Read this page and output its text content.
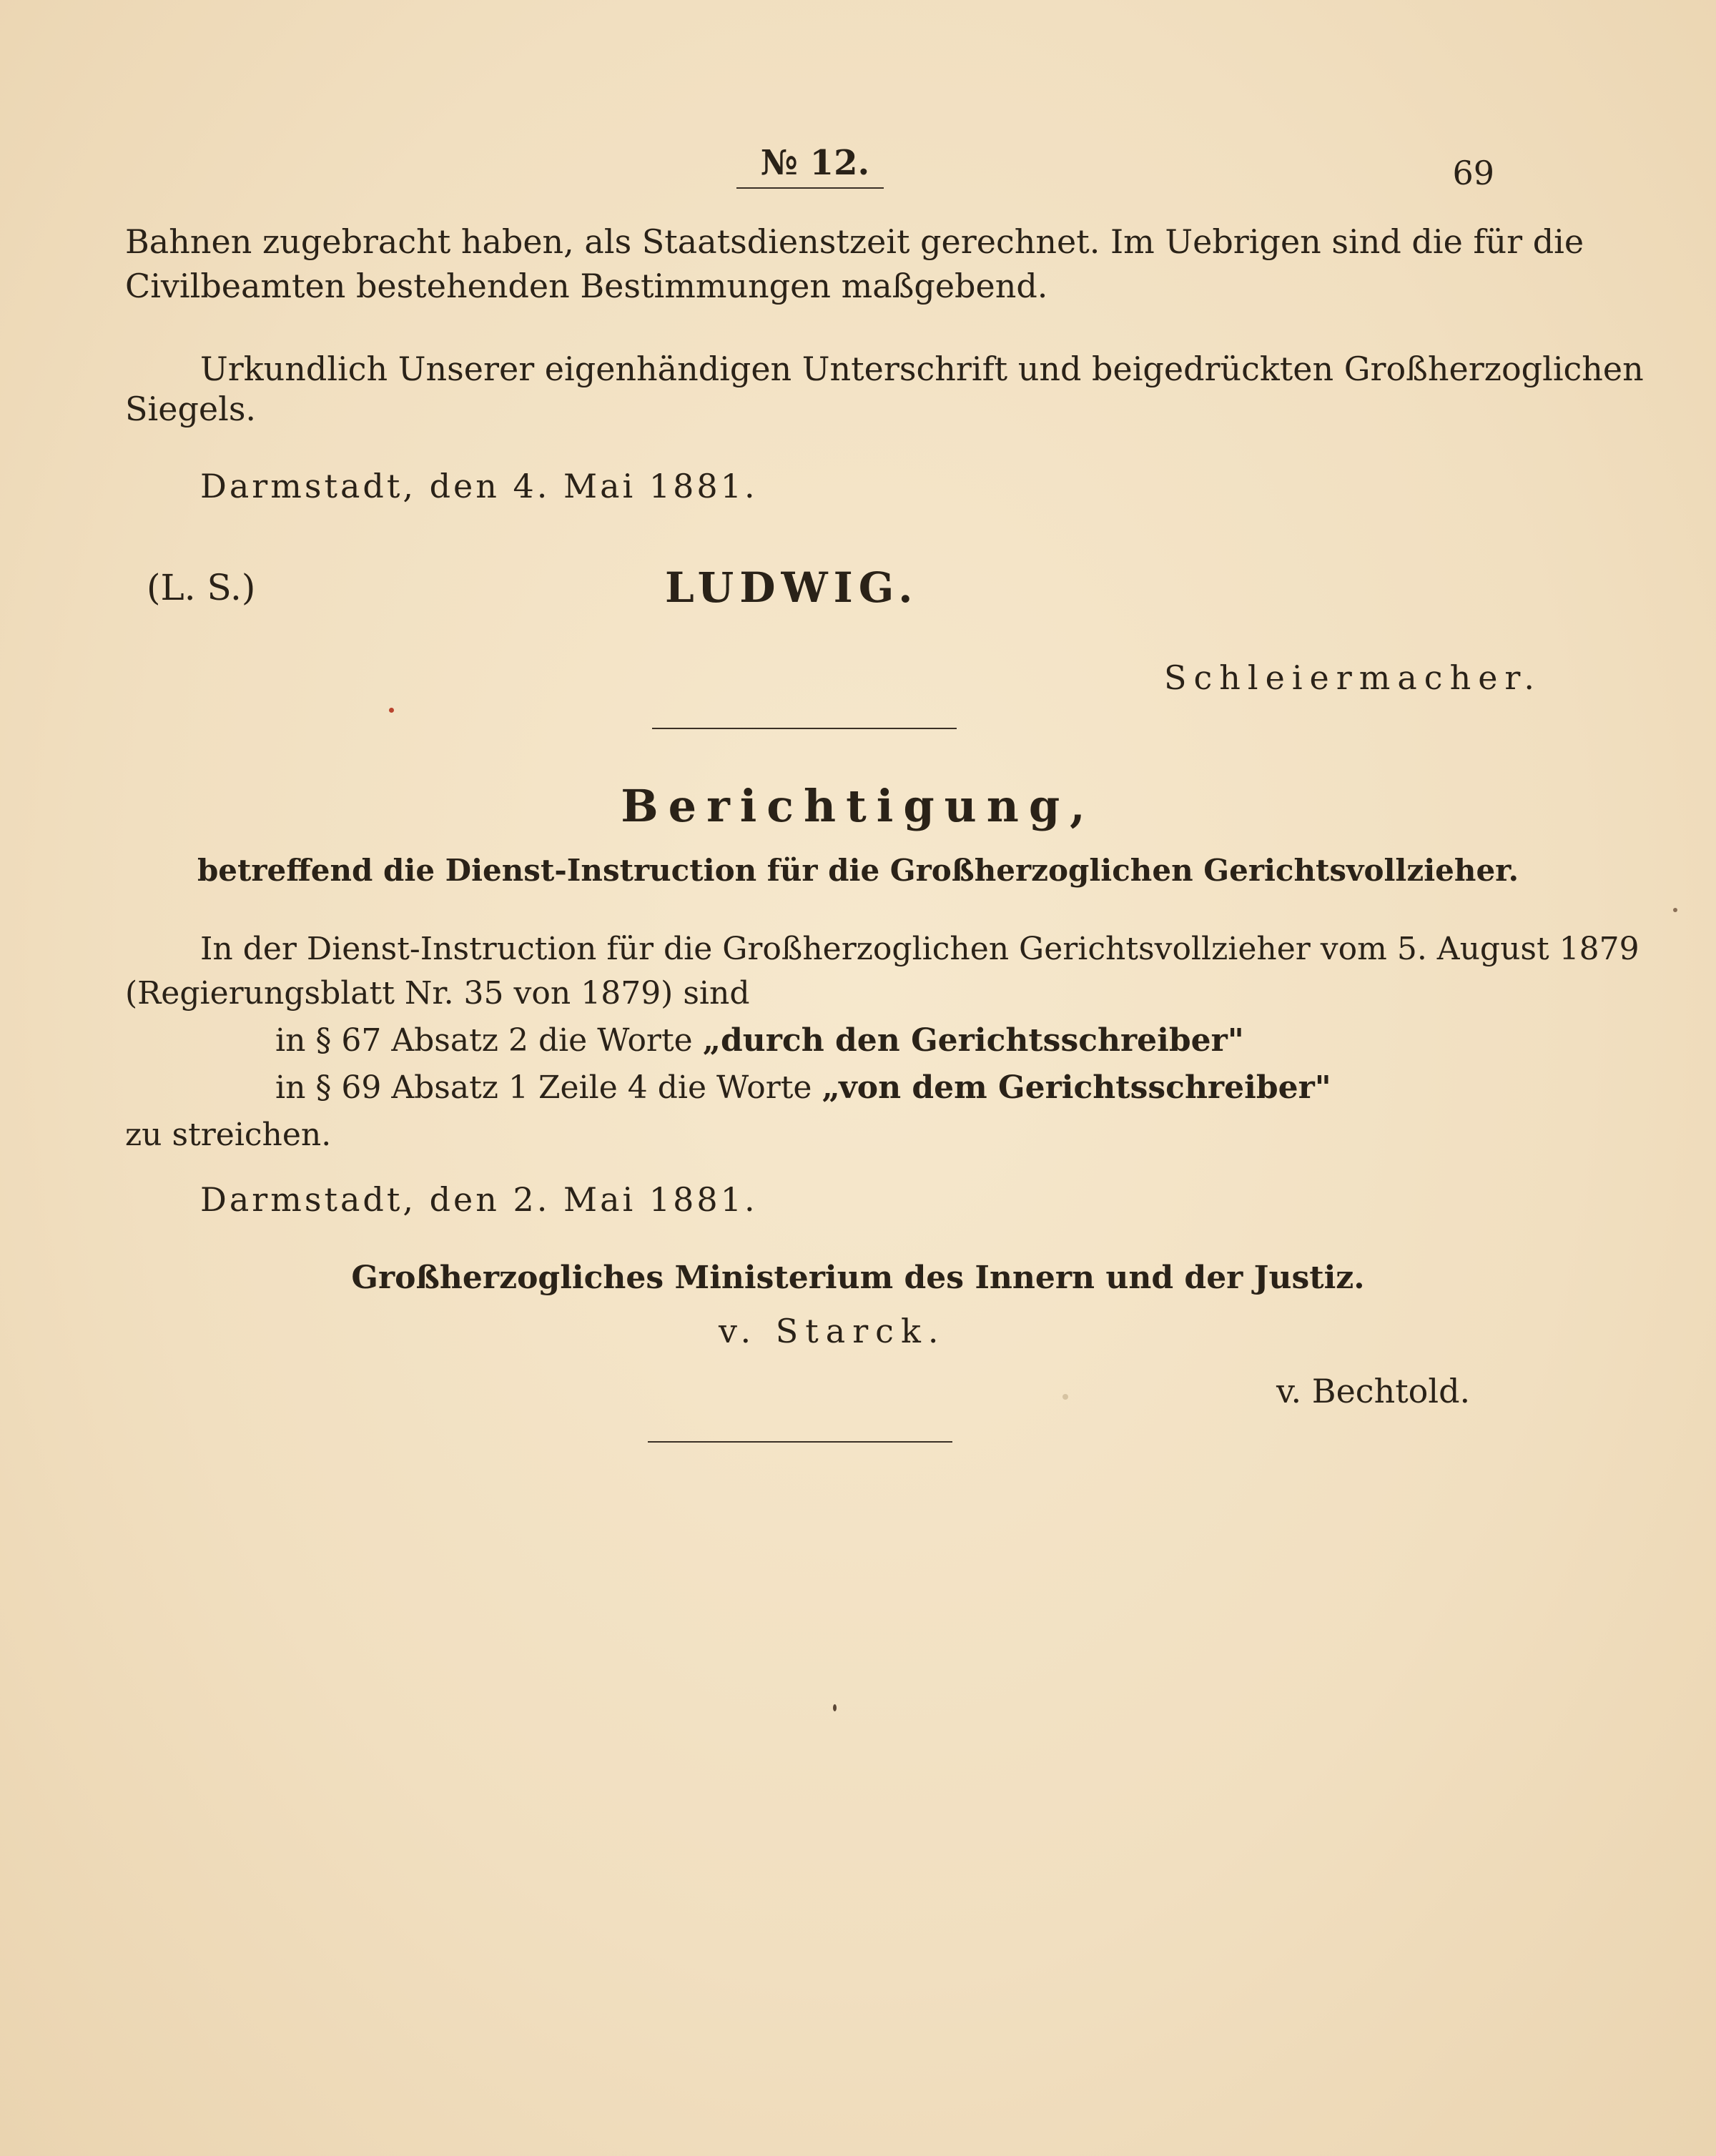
№ 12.	69
Bahnen zugebracht haben, als Staatsdienstzeit gerechnet. Im Uebrigen sind die für die
Civilbeamten bestehenden Bestimmungen maßgebend.
Urkundlich Unserer eigenhändigen Unterschrift und beigedrückten Großherzoglichen
Siegels.
Darmstadt, den 4. Mai 1881.
(L. S.)	LUDWIG.
Schleiermacher.
Berichtigung,
betreffend die Dienst-Instruction für die Großherzoglichen Gerichtsvollzieher.
In der Dienst-Instruction für die Großherzoglichen Gerichtsvollzieher vom 5. August 1879
(Regierungsblatt Nr. 35 von 1879) sind
in § 67 Absatz 2 die Worte „durch den Gerichtsschreiber"
in § 69 Absatz 1 Zeile 4 die Worte „von dem Gerichtsschreiber"
zu streichen.
Darmstadt, den 2. Mai 1881.
Großherzogliches Ministerium des Innern und der Justiz.
v. Starck.
v. Bechtold.
